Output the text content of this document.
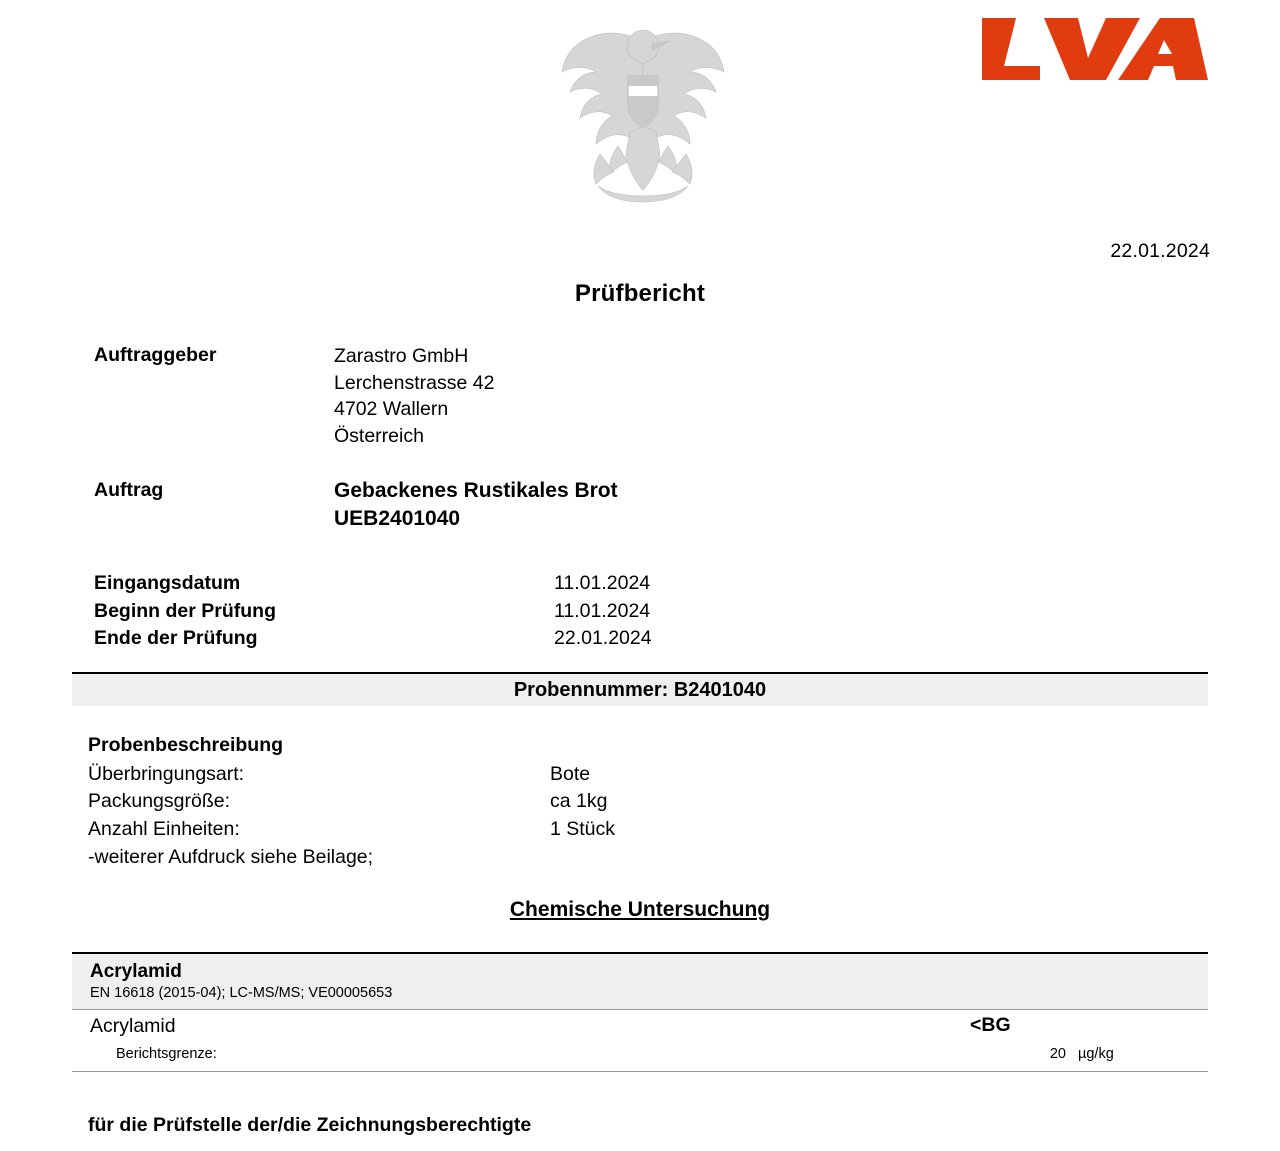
22.01.2024
Prüfbericht
Auftraggeber	Zarastro GmbH
Lerchenstrasse 42
4702 Wallern
Österreich
Auftrag	Gebackenes Rustikales Brot
UEB2401040
Eingangsdatum	11.01.2024
Beginn der Prüfung	11.01.2024
Ende der Prüfung	22.01.2024
Probennummer: B2401040
Probenbeschreibung
Überbringungsart:	Bote
Packungsgröße:	ca 1kg
Anzahl Einheiten:	1 Stück
-weiterer Aufdruck siehe Beilage;
Chemische Untersuchung
Acrylamid
EN 16618 (2015-04); LC-MS/MS; VE00005653
Acrylamid	<BG
Berichtsgrenze:	20 µg/kg
für die Prüfstelle der/die Zeichnungsberechtigte
